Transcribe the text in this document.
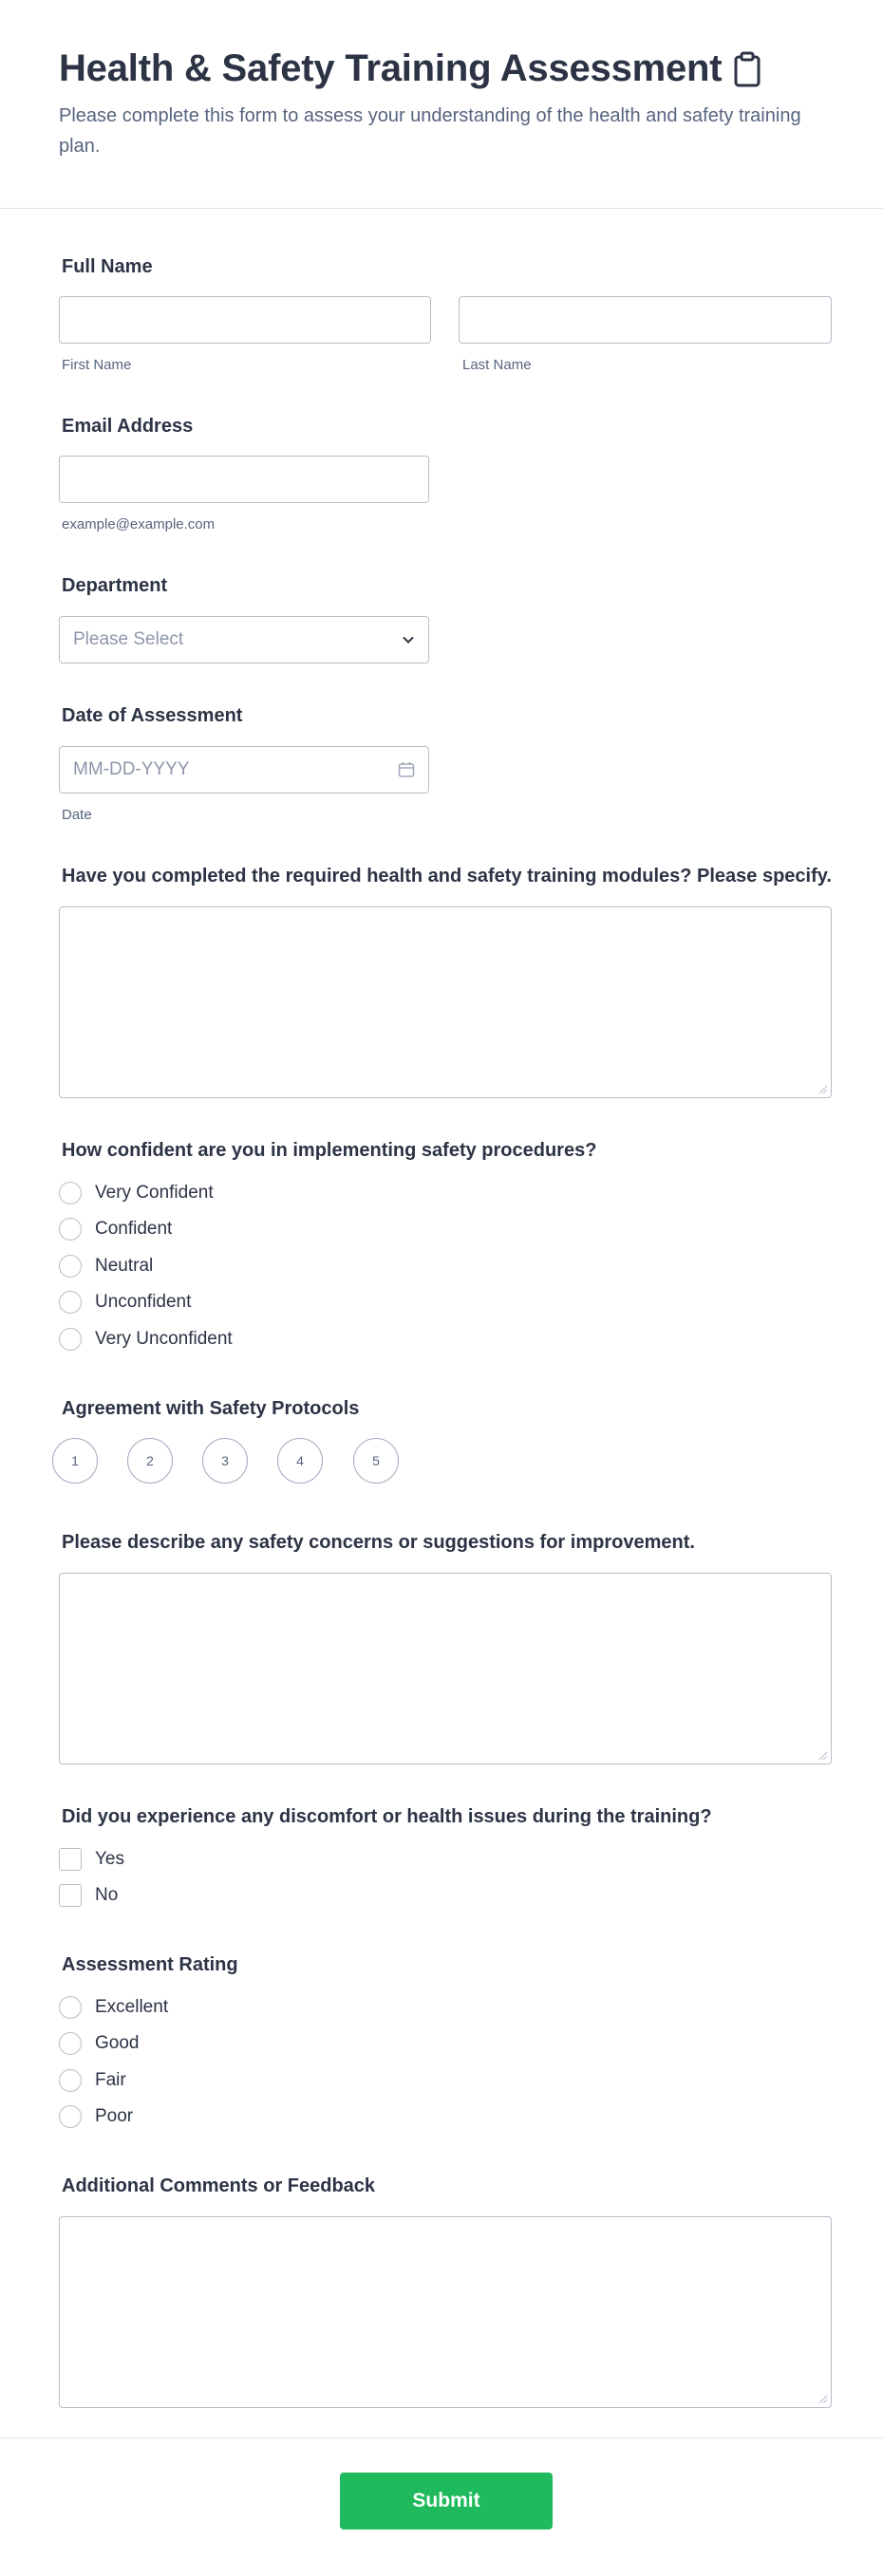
Health & Safety Training Assessment
Please complete this form to assess your understanding of the health and safety training plan.
Full Name
First Name	Last Name
Email Address
example@example.com
Department
Please Select
Date of Assessment
MM-DD-YYYY
Date
Have you completed the required health and safety training modules? Please specify.
How confident are you in implementing safety procedures?
Very Confident
Confident
Neutral
Unconfident
Very Unconfident
Agreement with Safety Protocols
1	2	3	4	5
Please describe any safety concerns or suggestions for improvement.
Did you experience any discomfort or health issues during the training?
Yes
No
Assessment Rating
Excellent
Good
Fair
Poor
Additional Comments or Feedback
Submit
